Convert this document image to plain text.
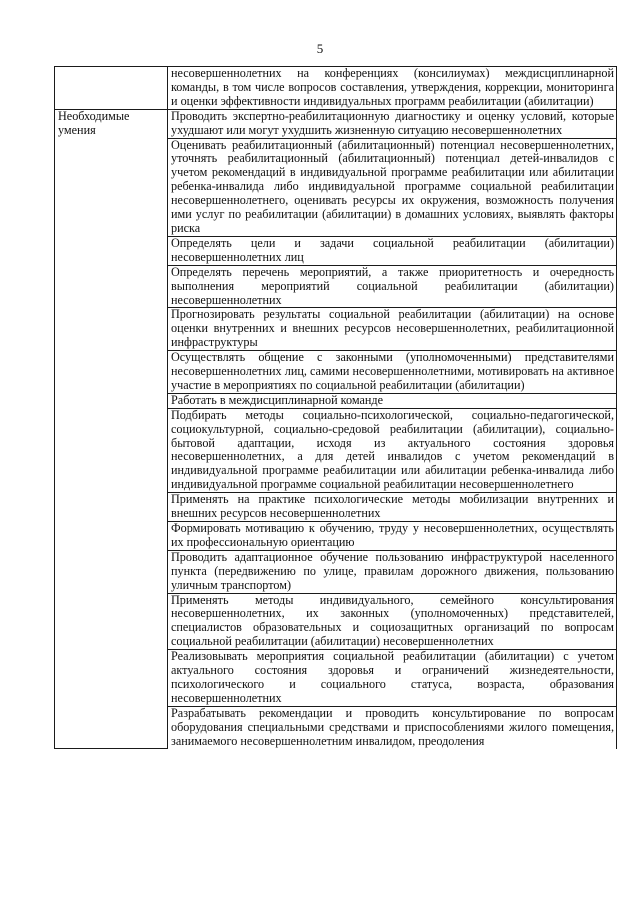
5
	несовершеннолетних на конференциях (консилиумах) междисциплинарной команды, в том числе вопросов составления, утверждения, коррекции, мониторинга и оценки эффективности индивидуальных программ реабилитации (абилитации)

Необходимые умения	Проводить экспертно-реабилитационную диагностику и оценку условий, которые ухудшают или могут ухудшить жизненную ситуацию несовершеннолетних
	Оценивать реабилитационный (абилитационный) потенциал несовершеннолетних, уточнять реабилитационный (абилитационный) потенциал детей-инвалидов с учетом рекомендаций в индивидуальной программе реабилитации или абилитации ребенка-инвалида либо индивидуальной программе социальной реабилитации несовершеннолетнего, оценивать ресурсы их окружения, возможность получения ими услуг по реабилитации (абилитации) в домашних условиях, выявлять факторы риска
	Определять цели и задачи социальной реабилитации (абилитации) несовершеннолетних лиц
	Определять перечень мероприятий, а также приоритетность и очередность выполнения мероприятий социальной реабилитации (абилитации) несовершеннолетних
	Прогнозировать результаты социальной реабилитации (абилитации) на основе оценки внутренних и внешних ресурсов несовершеннолетних, реабилитационной инфраструктуры
	Осуществлять общение с законными (уполномоченными) представителями несовершеннолетних лиц, самими несовершеннолетними, мотивировать на активное участие в мероприятиях по социальной реабилитации (абилитации)
	Работать в междисциплинарной команде
	Подбирать методы социально-психологической, социально-педагогической, социокультурной, социально-средовой реабилитации (абилитации), социально-бытовой адаптации, исходя из актуального состояния здоровья несовершеннолетних, а для детей инвалидов с учетом рекомендаций в индивидуальной программе реабилитации или абилитации ребенка-инвалида либо индивидуальной программе социальной реабилитации несовершеннолетнего
	Применять на практике психологические методы мобилизации внутренних и внешних ресурсов несовершеннолетних
	Формировать мотивацию к обучению, труду у несовершеннолетних, осуществлять их профессиональную ориентацию
	Проводить адаптационное обучение пользованию инфраструктурой населенного пункта (передвижению по улице, правилам дорожного движения, пользованию уличным транспортом)
	Применять методы индивидуального, семейного консультирования несовершеннолетних, их законных (уполномоченных) представителей, специалистов образовательных и социозащитных организаций по вопросам социальной реабилитации (абилитации) несовершеннолетних
	Реализовывать мероприятия социальной реабилитации (абилитации) с учетом актуального состояния здоровья и ограничений жизнедеятельности, психологического и социального статуса, возраста, образования несовершеннолетних
	Разрабатывать рекомендации и проводить консультирование по вопросам оборудования специальными средствами и приспособлениями жилого помещения, занимаемого несовершеннолетним инвалидом, преодоления
